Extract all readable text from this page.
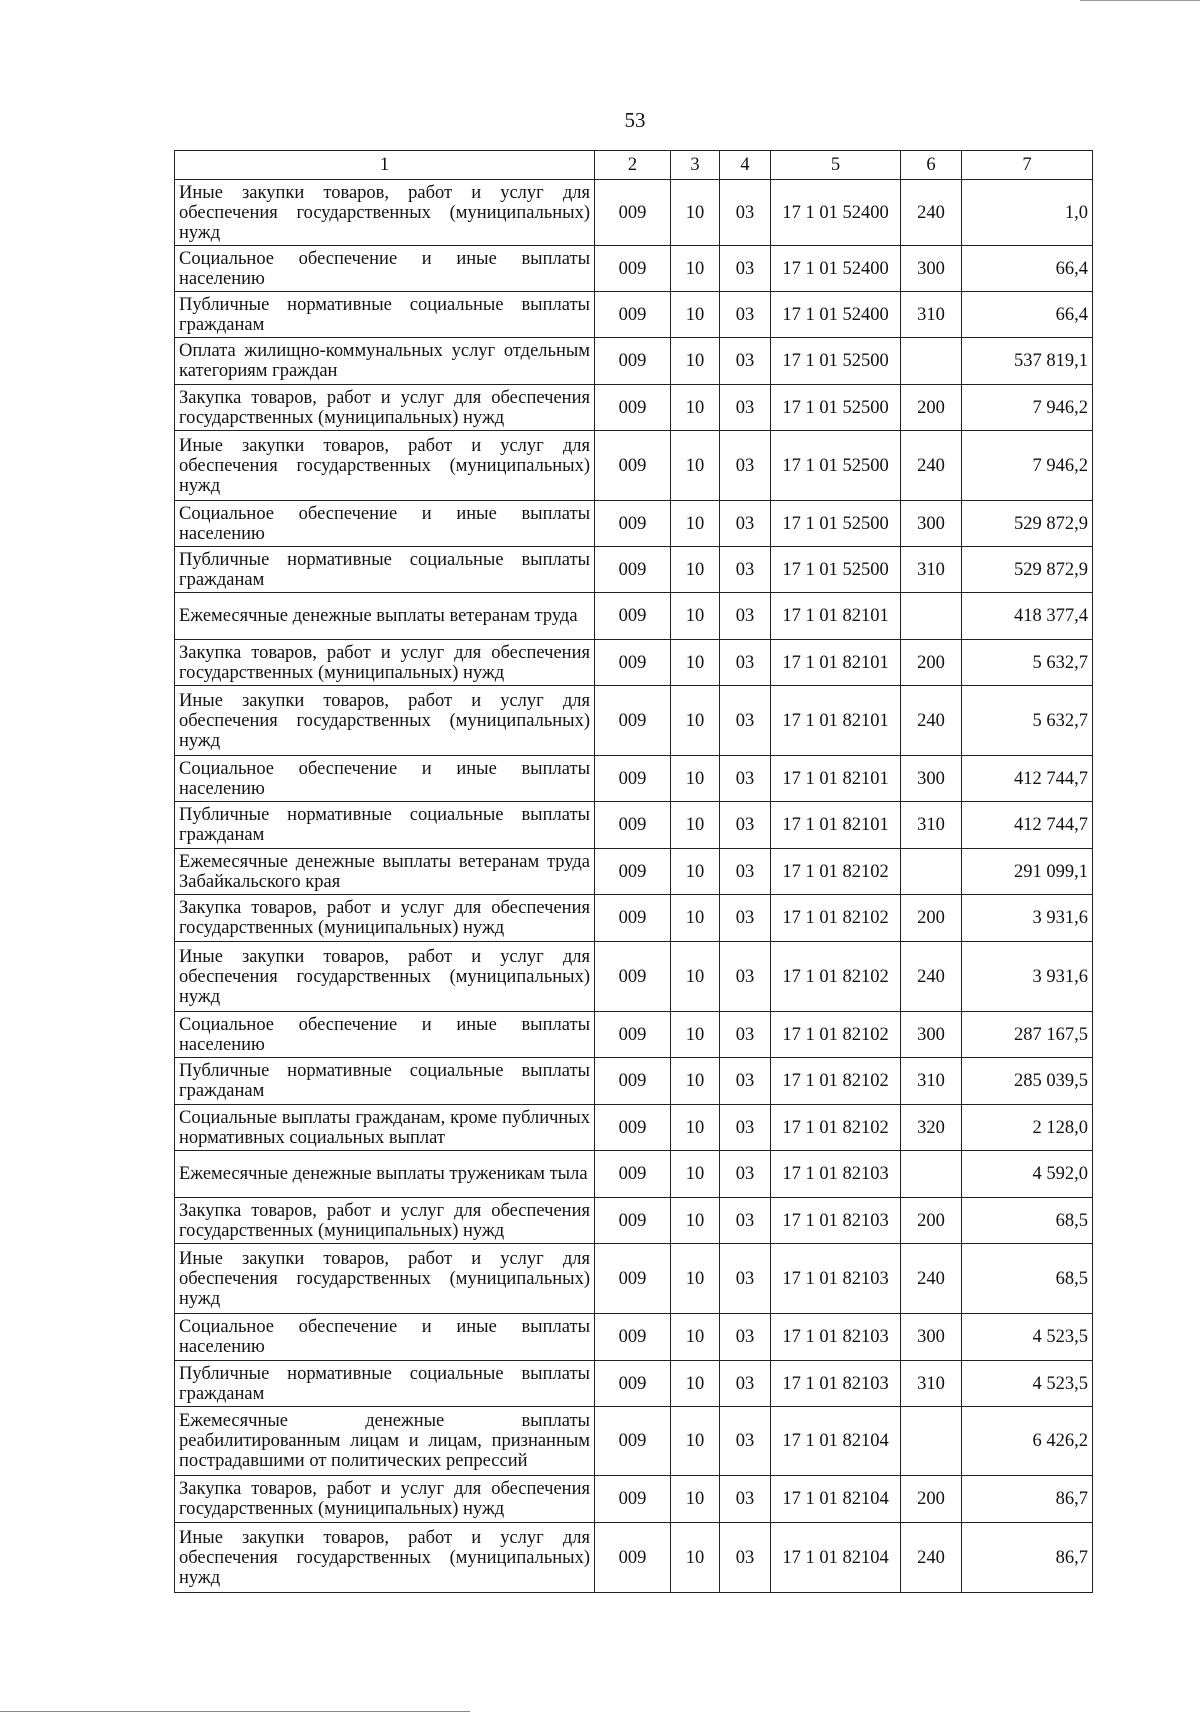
53
1	2	3	4	5	6	7
Иные закупки товаров, работ и услуг для обеспечения государственных (муниципальных) нужд	009	10	03	17 1 01 52400	240	1,0
Социальное обеспечение и иные выплаты населению	009	10	03	17 1 01 52400	300	66,4
Публичные нормативные социальные выплаты гражданам	009	10	03	17 1 01 52400	310	66,4
Оплата жилищно-коммунальных услуг отдельным категориям граждан	009	10	03	17 1 01 52500		537 819,1
Закупка товаров, работ и услуг для обеспечения государственных (муниципальных) нужд	009	10	03	17 1 01 52500	200	7 946,2
Иные закупки товаров, работ и услуг для обеспечения государственных (муниципальных) нужд	009	10	03	17 1 01 52500	240	7 946,2
Социальное обеспечение и иные выплаты населению	009	10	03	17 1 01 52500	300	529 872,9
Публичные нормативные социальные выплаты гражданам	009	10	03	17 1 01 52500	310	529 872,9
Ежемесячные денежные выплаты ветеранам труда	009	10	03	17 1 01 82101		418 377,4
Закупка товаров, работ и услуг для обеспечения государственных (муниципальных) нужд	009	10	03	17 1 01 82101	200	5 632,7
Иные закупки товаров, работ и услуг для обеспечения государственных (муниципальных) нужд	009	10	03	17 1 01 82101	240	5 632,7
Социальное обеспечение и иные выплаты населению	009	10	03	17 1 01 82101	300	412 744,7
Публичные нормативные социальные выплаты гражданам	009	10	03	17 1 01 82101	310	412 744,7
Ежемесячные денежные выплаты ветеранам труда Забайкальского края	009	10	03	17 1 01 82102		291 099,1
Закупка товаров, работ и услуг для обеспечения государственных (муниципальных) нужд	009	10	03	17 1 01 82102	200	3 931,6
Иные закупки товаров, работ и услуг для обеспечения государственных (муниципальных) нужд	009	10	03	17 1 01 82102	240	3 931,6
Социальное обеспечение и иные выплаты населению	009	10	03	17 1 01 82102	300	287 167,5
Публичные нормативные социальные выплаты гражданам	009	10	03	17 1 01 82102	310	285 039,5
Социальные выплаты гражданам, кроме публичных нормативных социальных выплат	009	10	03	17 1 01 82102	320	2 128,0
Ежемесячные денежные выплаты труженикам тыла	009	10	03	17 1 01 82103		4 592,0
Закупка товаров, работ и услуг для обеспечения государственных (муниципальных) нужд	009	10	03	17 1 01 82103	200	68,5
Иные закупки товаров, работ и услуг для обеспечения государственных (муниципальных) нужд	009	10	03	17 1 01 82103	240	68,5
Социальное обеспечение и иные выплаты населению	009	10	03	17 1 01 82103	300	4 523,5
Публичные нормативные социальные выплаты гражданам	009	10	03	17 1 01 82103	310	4 523,5
Ежемесячные денежные выплаты реабилитированным лицам и лицам, признанным пострадавшими от политических репрессий	009	10	03	17 1 01 82104		6 426,2
Закупка товаров, работ и услуг для обеспечения государственных (муниципальных) нужд	009	10	03	17 1 01 82104	200	86,7
Иные закупки товаров, работ и услуг для обеспечения государственных (муниципальных) нужд	009	10	03	17 1 01 82104	240	86,7
